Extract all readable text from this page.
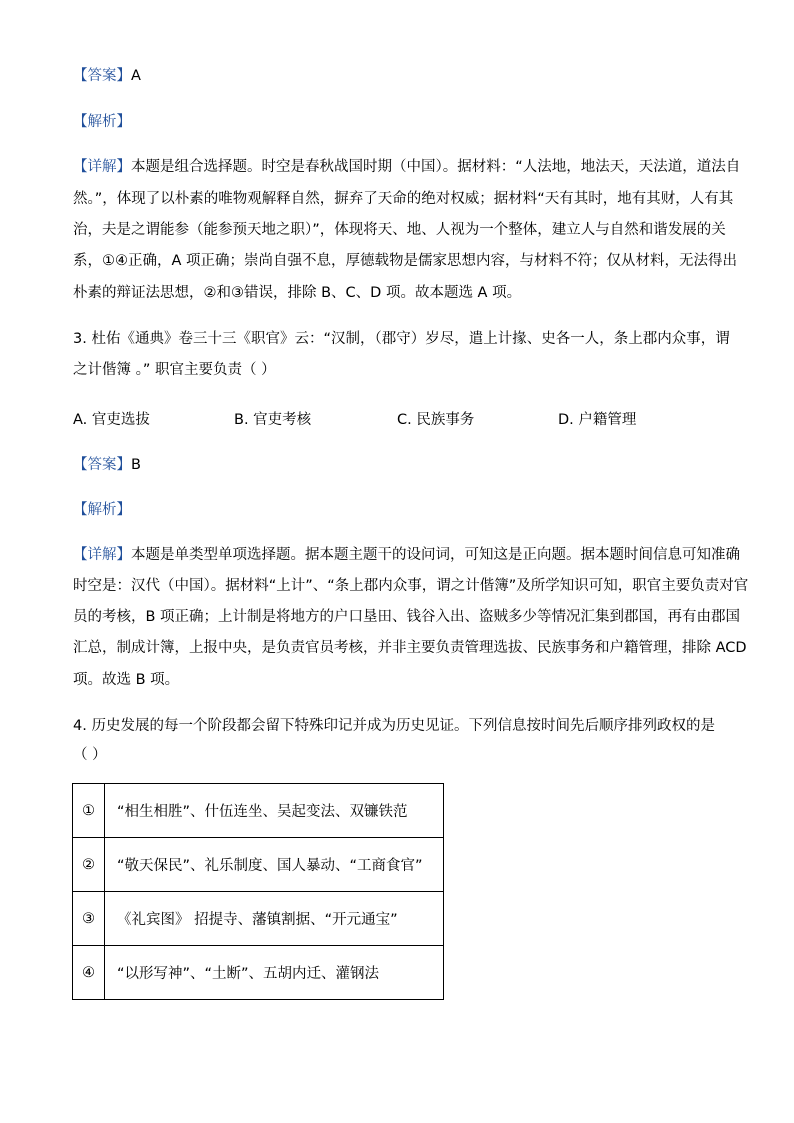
【答案】A
【解析】
【详解】本题是组合选择题。时空是春秋战国时期（中国）。据材料：“人法地，地法天，天法道，道法自
然。”，体现了以朴素的唯物观解释自然，摒弃了天命的绝对权威；据材料“天有其时，地有其财，人有其
治，夫是之谓能参（能参预天地之职）”，体现将天、地、人视为一个整体，建立人与自然和谐发展的关
系，①④正确，A 项正确；崇尚自强不息，厚德载物是儒家思想内容，与材料不符；仅从材料，无法得出
朴素的辩证法思想，②和③错误，排除 B、C、D 项。故本题选 A 项。
3. 杜佑《通典》卷三十三《职官》云：“汉制，（郡守）岁尽，遣上计掾、史各一人，条上郡内众事，谓
之计偕簿 。” 职官主要负责（ ）
A. 官吏选拔	B. 官吏考核	C. 民族事务	D. 户籍管理
【答案】B
【解析】
【详解】本题是单类型单项选择题。据本题主题干的设问词，可知这是正向题。据本题时间信息可知准确
时空是：汉代（中国）。据材料“上计”、“条上郡内众事，谓之计偕簿”及所学知识可知，职官主要负责对官
员的考核，B 项正确；上计制是将地方的户口垦田、钱谷入出、盗贼多少等情况汇集到郡国，再有由郡国
汇总，制成计簿，上报中央，是负责官员考核，并非主要负责管理选拔、民族事务和户籍管理，排除 ACD
项。故选 B 项。
4. 历史发展的每一个阶段都会留下特殊印记并成为历史见证。下列信息按时间先后顺序排列政权的是
（ ）
①	“相生相胜”、什伍连坐、吴起变法、双镰铁范
②	“敬天保民”、礼乐制度、国人暴动、“工商食官”
③	《礼宾图》 招提寺、藩镇割据、“开元通宝”
④	“以形写神”、“土断”、五胡内迁、灌钢法
